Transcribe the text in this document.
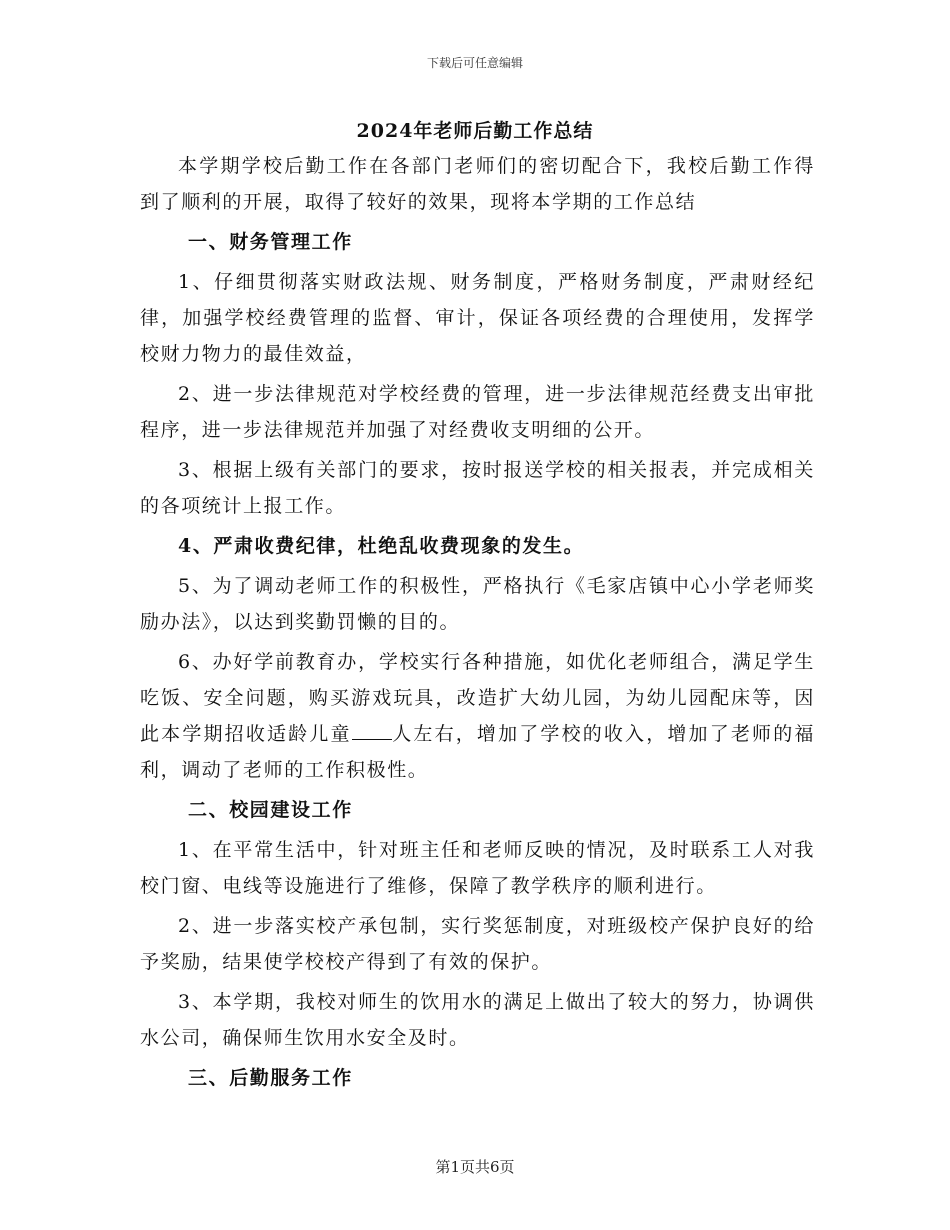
下载后可任意编辑
2024年老师后勤工作总结

本学期学校后勤工作在各部门老师们的密切配合下，我校后勤工作得到了顺利的开展，取得了较好的效果，现将本学期的工作总结

一、财务管理工作

1、仔细贯彻落实财政法规、财务制度，严格财务制度，严肃财经纪律，加强学校经费管理的监督、审计，保证各项经费的合理使用，发挥学校财力物力的最佳效益，

2、进一步法律规范对学校经费的管理，进一步法律规范经费支出审批程序，进一步法律规范并加强了对经费收支明细的公开。

3、根据上级有关部门的要求，按时报送学校的相关报表，并完成相关的各项统计上报工作。

4、严肃收费纪律，杜绝乱收费现象的发生。

5、为了调动老师工作的积极性，严格执行《毛家店镇中心小学老师奖励办法》，以达到奖勤罚懒的目的。

6、办好学前教育办，学校实行各种措施，如优化老师组合，满足学生吃饭、安全问题，购买游戏玩具，改造扩大幼儿园，为幼儿园配床等，因此本学期招收适龄儿童 人左右，增加了学校的收入，增加了老师的福利，调动了老师的工作积极性。

二、校园建设工作

1、在平常生活中，针对班主任和老师反映的情况，及时联系工人对我校门窗、电线等设施进行了维修，保障了教学秩序的顺利进行。

2、进一步落实校产承包制，实行奖惩制度，对班级校产保护良好的给予奖励，结果使学校校产得到了有效的保护。

3、本学期，我校对师生的饮用水的满足上做出了较大的努力，协调供水公司，确保师生饮用水安全及时。

三、后勤服务工作

第1页共6页
